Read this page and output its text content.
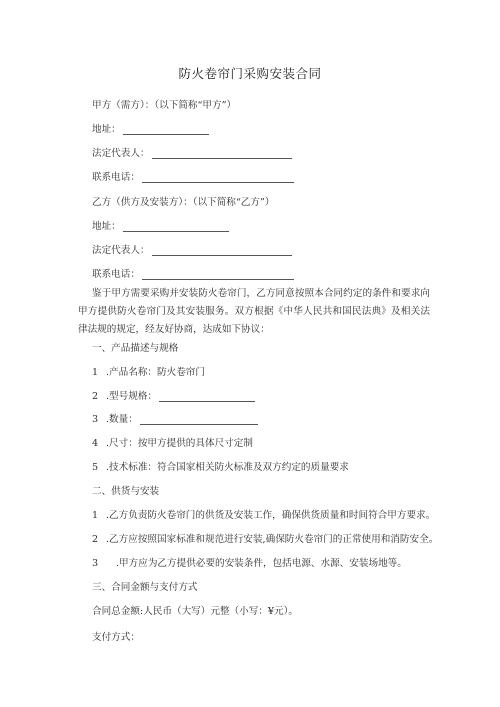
防火卷帘门采购安装合同
甲方（需方）：（以下简称“甲方”）
地址：
法定代表人：
联系电话：
乙方（供方及安装方）：（以下简称“乙方”）
地址：
法定代表人：
联系电话：
鉴于甲方需要采购并安装防火卷帘门，乙方同意按照本合同约定的条件和要求向甲方提供防火卷帘门及其安装服务。双方根据《中华人民共和国民法典》及相关法律法规的规定，经友好协商，达成如下协议：
一、产品描述与规格
1 .产品名称：防火卷帘门
2 .型号规格：
3 .数量：
4 .尺寸：按甲方提供的具体尺寸定制
5 .技术标准：符合国家相关防火标准及双方约定的质量要求
二、供货与安装
1 .乙方负责防火卷帘门的供货及安装工作，确保供货质量和时间符合甲方要求。
2 .乙方应按照国家标准和规范进行安装,确保防火卷帘门的正常使用和消防安全。
3 .甲方应为乙方提供必要的安装条件，包括电源、水源、安装场地等。
三、合同金额与支付方式
合同总金额:人民币（大写）元整（小写：¥元）。
支付方式：
